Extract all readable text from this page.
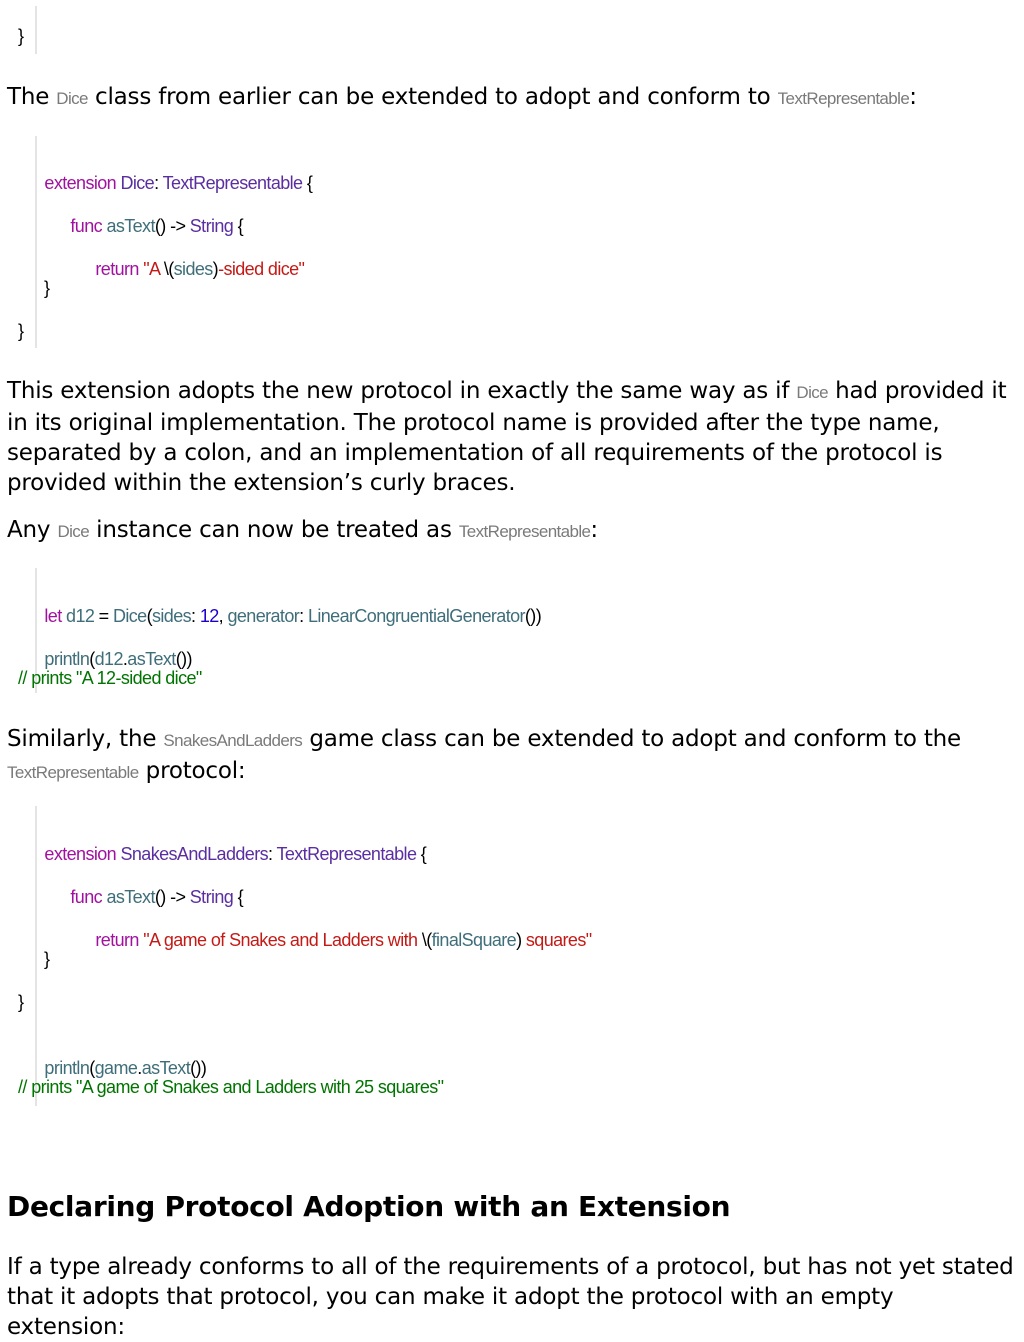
}

The Dice class from earlier can be extended to adopt and conform to TextRepresentable:

extension Dice: TextRepresentable {

func asText() -> String {

return "A \(sides)-sided dice"

}
}

This extension adopts the new protocol in exactly the same way as if Dice had provided it in its original implementation. The protocol name is provided after the type name, separated by a colon, and an implementation of all requirements of the protocol is provided within the extension’s curly braces.

Any Dice instance can now be treated as TextRepresentable:

let d12 = Dice(sides: 12, generator: LinearCongruentialGenerator())

println(d12.asText())

// prints "A 12-sided dice"

Similarly, the SnakesAndLadders game class can be extended to adopt and conform to the TextRepresentable protocol:

extension SnakesAndLadders: TextRepresentable {

func asText() -> String {

return "A game of Snakes and Ladders with \(finalSquare) squares"

}
}

println(game.asText())

// prints "A game of Snakes and Ladders with 25 squares"
Declaring Protocol Adoption with an Extension

If a type already conforms to all of the requirements of a protocol, but has not yet stated that it adopts that protocol, you can make it adopt the protocol with an empty extension:
